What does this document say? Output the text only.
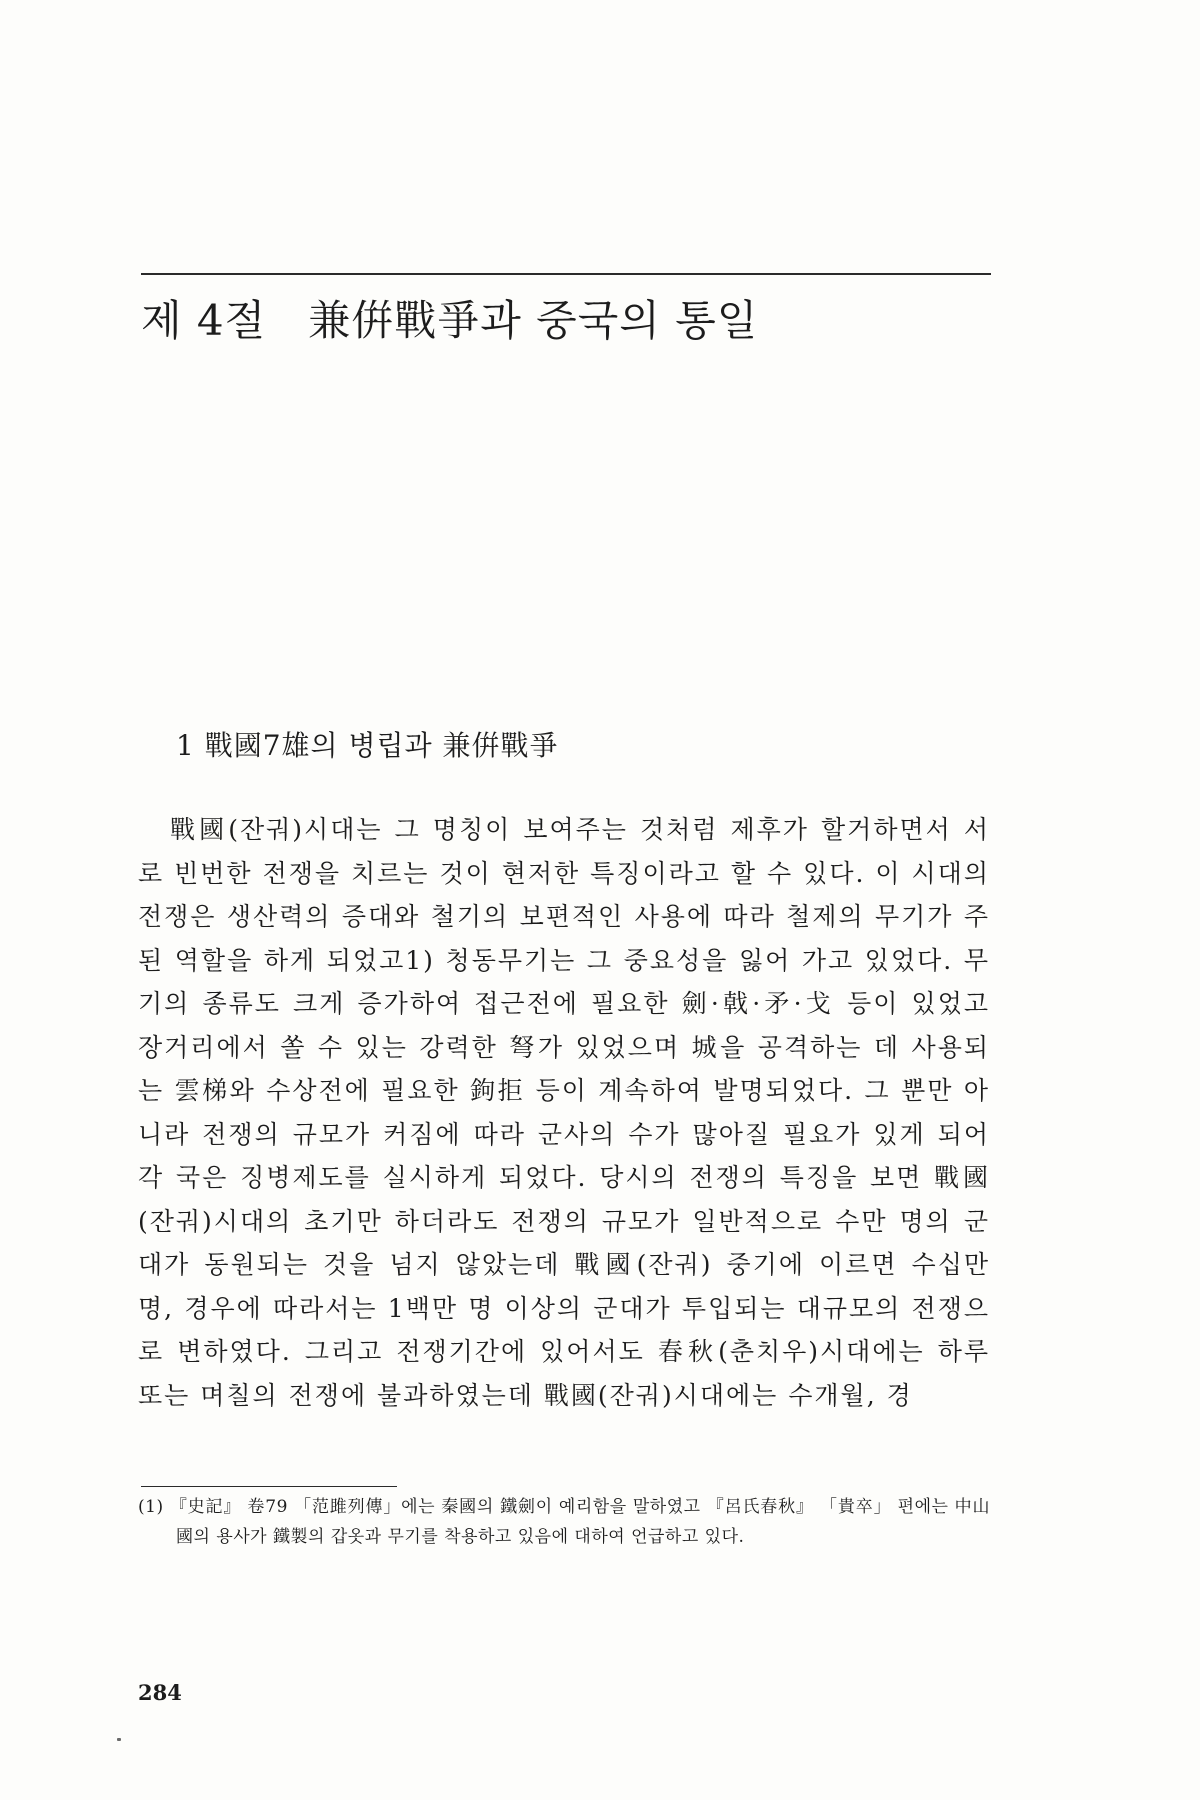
제 4절 兼倂戰爭과 중국의 통일
1 戰國7雄의 병립과 兼倂戰爭

戰國(잔궈)시대는 그 명칭이 보여주는 것처럼 제후가 할거하면서 서로 빈번한 전쟁을 치르는 것이 현저한 특징이라고 할 수 있다. 이 시대의 전쟁은 생산력의 증대와 철기의 보편적인 사용에 따라 철제의 무기가 주된 역할을 하게 되었고1) 청동무기는 그 중요성을 잃어 가고 있었다. 무기의 종류도 크게 증가하여 접근전에 필요한 劍·戟·矛·戈 등이 있었고 장거리에서 쏠 수 있는 강력한 弩가 있었으며 城을 공격하는 데 사용되는 雲梯와 수상전에 필요한 鉤拒 등이 계속하여 발명되었다. 그 뿐만 아니라 전쟁의 규모가 커짐에 따라 군사의 수가 많아질 필요가 있게 되어 각 국은 징병제도를 실시하게 되었다. 당시의 전쟁의 특징을 보면 戰國(잔궈)시대의 초기만 하더라도 전쟁의 규모가 일반적으로 수만 명의 군대가 동원되는 것을 넘지 않았는데 戰國(잔궈) 중기에 이르면 수십만 명, 경우에 따라서는 1백만 명 이상의 군대가 투입되는 대규모의 전쟁으로 변하였다. 그리고 전쟁기간에 있어서도 春秋(춘치우)시대에는 하루 또는 며칠의 전쟁에 불과하였는데 戰國(잔궈)시대에는 수개월, 경

(1) 『史記』 卷79 「范雎列傳」에는 秦國의 鐵劍이 예리함을 말하였고 『呂氏春秋』 「貴卒」 편에는 中山國의 용사가 鐵製의 갑옷과 무기를 착용하고 있음에 대하여 언급하고 있다.

284
